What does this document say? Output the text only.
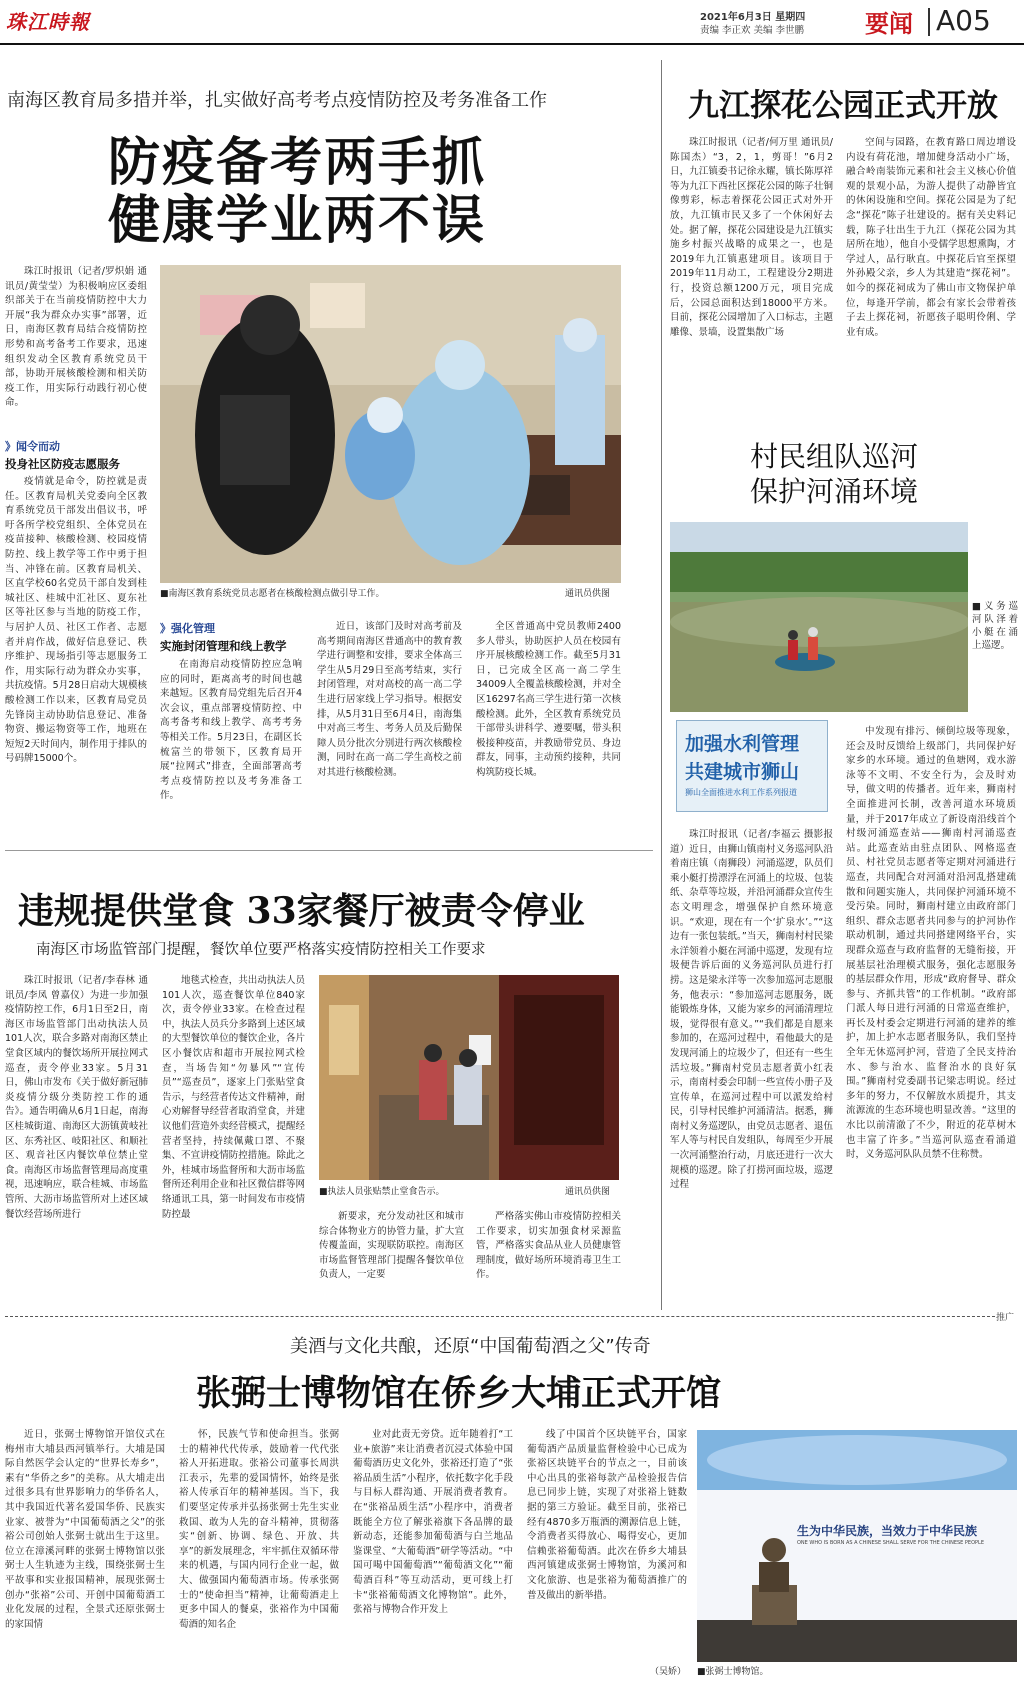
珠江時報	2021年6月3日 星期四
责编 李正欢 美编 李世鹏	要闻 A05
南海区教育局多措并举，扎实做好高考考点疫情防控及考务准备工作
防疫备考两手抓
健康学业两不误

珠江时报讯（记者/罗炽娟 通讯员/黄莹莹）为积极响应区委组织部关于在当前疫情防控中大力开展“我为群众办实事”部署，近日，南海区教育局结合疫情防控形势和高考备考工作要求，迅速组织发动全区教育系统党员干部，协助开展核酸检测和相关防疫工作，用实际行动践行初心使命。

》闻令而动
投身社区防疫志愿服务

疫情就是命令，防控就是责任。区教育局机关党委向全区教育系统党员干部发出倡议书，呼吁各所学校党组织、全体党员在疫苗接种、核酸检测、校园疫情防控、线上教学等工作中勇于担当、冲锋在前。区教育局机关、区直学校60名党员干部自发到桂城社区、桂城中汇社区、夏东社区等社区参与当地的防疫工作，与居护人员、社区工作者、志愿者并肩作战，做好信息登记、秩序维护、现场指引等志愿服务工作，用实际行动为群众办实事，共抗疫情。5月28日启动大规模核酸检测工作以来，区教育局党员先锋岗主动协助信息登记、准备物资、搬运物资等工作，地班在短短2天时间内，制作用于排队的号码牌15000个。

■南海区教育系统党员志愿者在核酸检测点做引导工作。	通讯员供图
》强化管理
实施封闭管理和线上教学

在南海启动疫情防控应急响应的同时，距离高考的时间也越来越短。区教育局党组先后召开4次会议，重点部署疫情防控、中高考备考和线上教学、高考考务等相关工作。5月23日，在副区长梳富兰的带领下，区教育局开展“拉网式”排查，全面部署高考考点疫情防控以及考务准备工作。

近日，该部门及时对高考前及高考期间南海区普通高中的教育教学进行调整和安排，要求全体高三学生从5月29日至高考结束，实行封闭管理，对对高校的高一高二学生进行居家线上学习指导。根据安排，从5月31日至6月4日，南海集中对高三考生、考务人员及后勤保障人员分批次分别进行两次核酸检测，同时在高一高二学生高校之前对其进行核酸检测。

全区普通高中党员教师2400多人带头，协助医护人员在校园有序开展核酸检测工作。截至5月31日，已完成全区高一高二学生34009人全覆盖核酸检测，并对全区16297名高三学生进行第一次核酸检测。此外，全区教育系统党员干部带头讲科学、遵要嘱，带头积极接种疫苗，并教励带党员、身边群友，同事，主动预约接种，共同构筑防疫长城。

九江探花公园正式开放

珠江时报讯（记者/何万里 通讯员/陈国杰）“3，2，1，剪哥！”6月2日，九江镇委书记徐永耀，镇长陈厚祥等为九江下西社区探花公园的陈子壮铜像剪彩，标志着探花公园正式对外开放，九江镇市民又多了一个休闲好去处。据了解，探花公园建设是九江镇实施乡村振兴战略的成果之一，也是2019年九江镇惠建项目。该项目于2019年11月动工，工程建设分2期进行，投资总额1200万元，项目完成后，公园总面积达到18000平方米。目前，探花公园增加了入口标志，主题雕像、景墙，设置集散广场

空间与园路，在教育路口周边增设内设有荷花池，增加健身活动小广场，融合岭南装饰元素和社会主义核心价值观的景观小品，为游人提供了动静皆宜的休闲设施和空间。探花公园是为了纪念“探花”陈子壮建设的。据有关史料记载，陈子壮出生于九江（探花公园为其居所在地），他自小受儒学思想熏陶，才学过人，品行耿直。中探花后官至探望外孙殿父亲，乡人为其建造“探花祠”。如今的探花祠成为了佛山市文物保护单位，每逢开学前，都会有家长会带着孩子去上探花祠，祈愿孩子聪明伶俐、学业有成。

村民组队巡河
保护河涌环境
■义务巡河队泽着小艇在涌上巡逻。
加强水利管理
共建城市狮山
狮山全面推进水利工作系列报道

珠江时报讯（记者/李福云 摄影报道）近日，由狮山镇南村义务巡河队沿着南庄镇（南狮段）河涌巡逻，队员们乘小艇打捞漂浮在河涌上的垃圾、包装纸、杂草等垃圾，并沿河涌群众宣传生态文明理念，增强保护自然环境意识。“欢迎，现在有一个‘扩泉水’。”“这边有一张包装纸。”当天，狮南村村民梁永洋领着小艇在河涌中巡逻，发现有垃圾便告诉后面的义务巡河队员进行打捞。这是梁永洋等一次参加巡河志愿服务，他表示：“参加巡河志愿服务，既能锻炼身体，又能为家乡的河涌清理垃圾，觉得很有意义。”“我们都是自愿来参加的，在巡河过程中，看他最大的是发现河涌上的垃圾少了，但还有一些生活垃圾。”狮南村党员志愿者黄小红表示，南南村委会印制一些宣传小册子及宣传单，在巡河过程中可以派发给村民，引导村民维护河涌清洁。据悉，狮南村义务巡逻队，由党员志愿者、退伍军人等与村民自发组队，每周至少开展一次河涌整治行动，月底还进行一次大规模的巡逻。除了打捞河面垃圾，巡逻过程

中发现有排污、倾倒垃圾等现象，还会及时反馈给上级部门，共同保护好家乡的水环境。通过的鱼塘网，戏水游泳等不文明、不安全行为，会及时劝导，做文明的传播者。近年来，狮南村全面推进河长制，改善河道水环境质量，并于2017年成立了新设南沿线首个村级河涌巡查站——狮南村河涌巡查站。此巡查站由驻点团队、网格巡查员、村社党员志愿者等定期对河涌进行巡查，共同配合对河涌对沿河乱搭建疏散和问题实施人，共同保护河涌环境不受污染。同时，狮南村建立由政府部门组织、群众志愿者共同参与的护河协作联动机制，通过共同搭建网络平台，实现群众巡查与政府监督的无缝衔接，开展基层社治理模式服务，强化志愿服务的基层群众作用，形成“政府督导、群众参与、齐抓共管”的工作机制。“政府部门派人每日进行河涌的日常巡查维护，再长及村委会定期进行河涌的建养的维护，加上护水志愿者服务队，我们坚持全年无休巡河护河，营造了全民支持治水、参与治水、监督治水的良好氛围。”狮南村党委副书记梁志明说。经过多年的努力，不仅解放水质提升，其支流源流的生态环境也明显改善。“这里的水比以前清澈了不少，附近的花草树木也丰富了许多。”当巡河队巡查看涌道时，义务巡河队队员禁不住称赞。

违规提供堂食 33家餐厅被责令停业
南海区市场监管部门提醒，餐饮单位要严格落实疫情防控相关工作要求

珠江时报讯（记者/李春林 通讯员/李凤 曾嘉仪）为进一步加强疫情防控工作，6月1日至2日，南海区市场监管部门出动执法人员101人次，联合多路对南海区禁止堂食区域内的餐饮场所开展拉网式巡查，责令停业33家。5月31日，佛山市发布《关于做好新冠肺炎疫情分级分类防控工作的通告》。通告明确从6月1日起，南海区桂城街道、南海区大沥镇黄岐社区、东秀社区、岐阳社区、和顺社区、观音社区内餐饮单位禁止堂食。南海区市场监督管理局高度重视，迅速响应，联合桂城、市场监管所、大沥市场监管所对上述区域餐饮经营场所进行

地毯式检查，共出动执法人员101人次，巡查餐饮单位840家次，责令停业33家。在检查过程中，执法人员兵分多路到上述区域的大型餐饮单位的餐饮企业，各片区小餐饮店和超市开展拉网式检查，当场告知“勿暴风”“宣传员”“巡查员”，逐家上门张贴堂食告示，与经营者传达文件精神，耐心劝解督导经营者取消堂食，并建议他们营造外卖经营模式，提醒经营者坚持，持续佩戴口罩、不聚集、不宣讲疫情防控措施。除此之外，桂城市场监督所和大沥市场监督所还利用企业和社区微信群等网络通讯工具，第一时间发布市疫情防控最

■执法人员张贴禁止堂食告示。	通讯员供图

新要求，充分发动社区和城市综合体物业方的协管力量，扩大宣传覆盖面，实现联防联控。南海区市场监督管理部门提醒各餐饮单位负责人，一定要

严格落实佛山市疫情防控相关工作要求，切实加强食材采源监管，严格落实食品从业人员健康管理制度，做好场所环境消毒卫生工作。

推广
美酒与文化共酿，还原“中国葡萄酒之父”传奇
张弼士博物馆在侨乡大埔正式开馆

近日，张弼士博物馆开馆仪式在梅州市大埔县西河镇举行。大埔是国际自然医学会认定的“世界长寿乡”，素有“华侨之乡”的美称。从大埔走出过很多具有世界影响力的华侨名人，其中我国近代著名爱国华侨、民族实业家、被誉为“中国葡萄酒之父”的张裕公司创始人张弼士就出生于这里。位立在漳溪河畔的张弼士博物馆以张弼士人生轨迹为主线，围绕张弼士生平故事和实业报国精神，展现张弼士创办“张裕”公司、开创中国葡萄酒工业化发展的过程，全景式还原张弼士的家国情

怀，民族气节和使命担当。张弼士的精神代代传承，鼓励着一代代张裕人开拓进取。张裕公司董事长周洪江表示，先辈的爱国情怀，始终是张裕人传承百年的精神基因。当下，我们要坚定传承并弘扬张弼士先生实业救国、敢为人先的奋斗精神，贯彻落实“创新、协调、绿色、开放、共享”的新发展理念，牢牢抓住双循环带来的机遇，与国内同行企业一起，做大、做强国内葡萄酒市场。传承张弼士的“使命担当”精神，让葡萄酒走上更多中国人的餐桌，张裕作为中国葡萄酒的知名企

业对此责无旁贷。近年随着打“工业+旅游”来让消费者沉浸式体验中国葡萄酒历史文化外，张裕还打造了“张裕品质生活”小程序，依托数字化手段与目标人群沟通、开展消费者教育。在“张裕品质生活”小程序中，消费者既能全方位了解张裕旗下各品牌的最新动态，还能参加葡萄酒与白兰地品鉴课堂、“大葡萄酒”研学等活动。“中国可喝中国葡萄酒”“葡萄酒文化”“葡萄酒百科”等互动活动，更可线上打卡“张裕葡萄酒文化博物馆”。此外，张裕与博物合作开发上

线了中国首个区块链平台，国家葡萄酒产品质量监督检验中心已成为张裕区块链平台的节点之一，目前该中心出具的张裕每款产品检验报告信息已同步上链，实现了对张裕上链数据的第三方验证。截至目前，张裕已经有4870多万瓶酒的溯源信息上链，令消费者买得放心、喝得安心，更加信赖张裕葡萄酒。此次在侨乡大埔县西河镇建成张弼士博物馆，为溪河和文化旅游、也是张裕为葡萄酒推广的普及做出的新举措。

（吴娇）
生为中华民族，当效力于中华民族
ONE WHO IS BORN AS A CHINESE SHALL SERVE FOR THE CHINESE PEOPLE
■张弼士博物馆。
